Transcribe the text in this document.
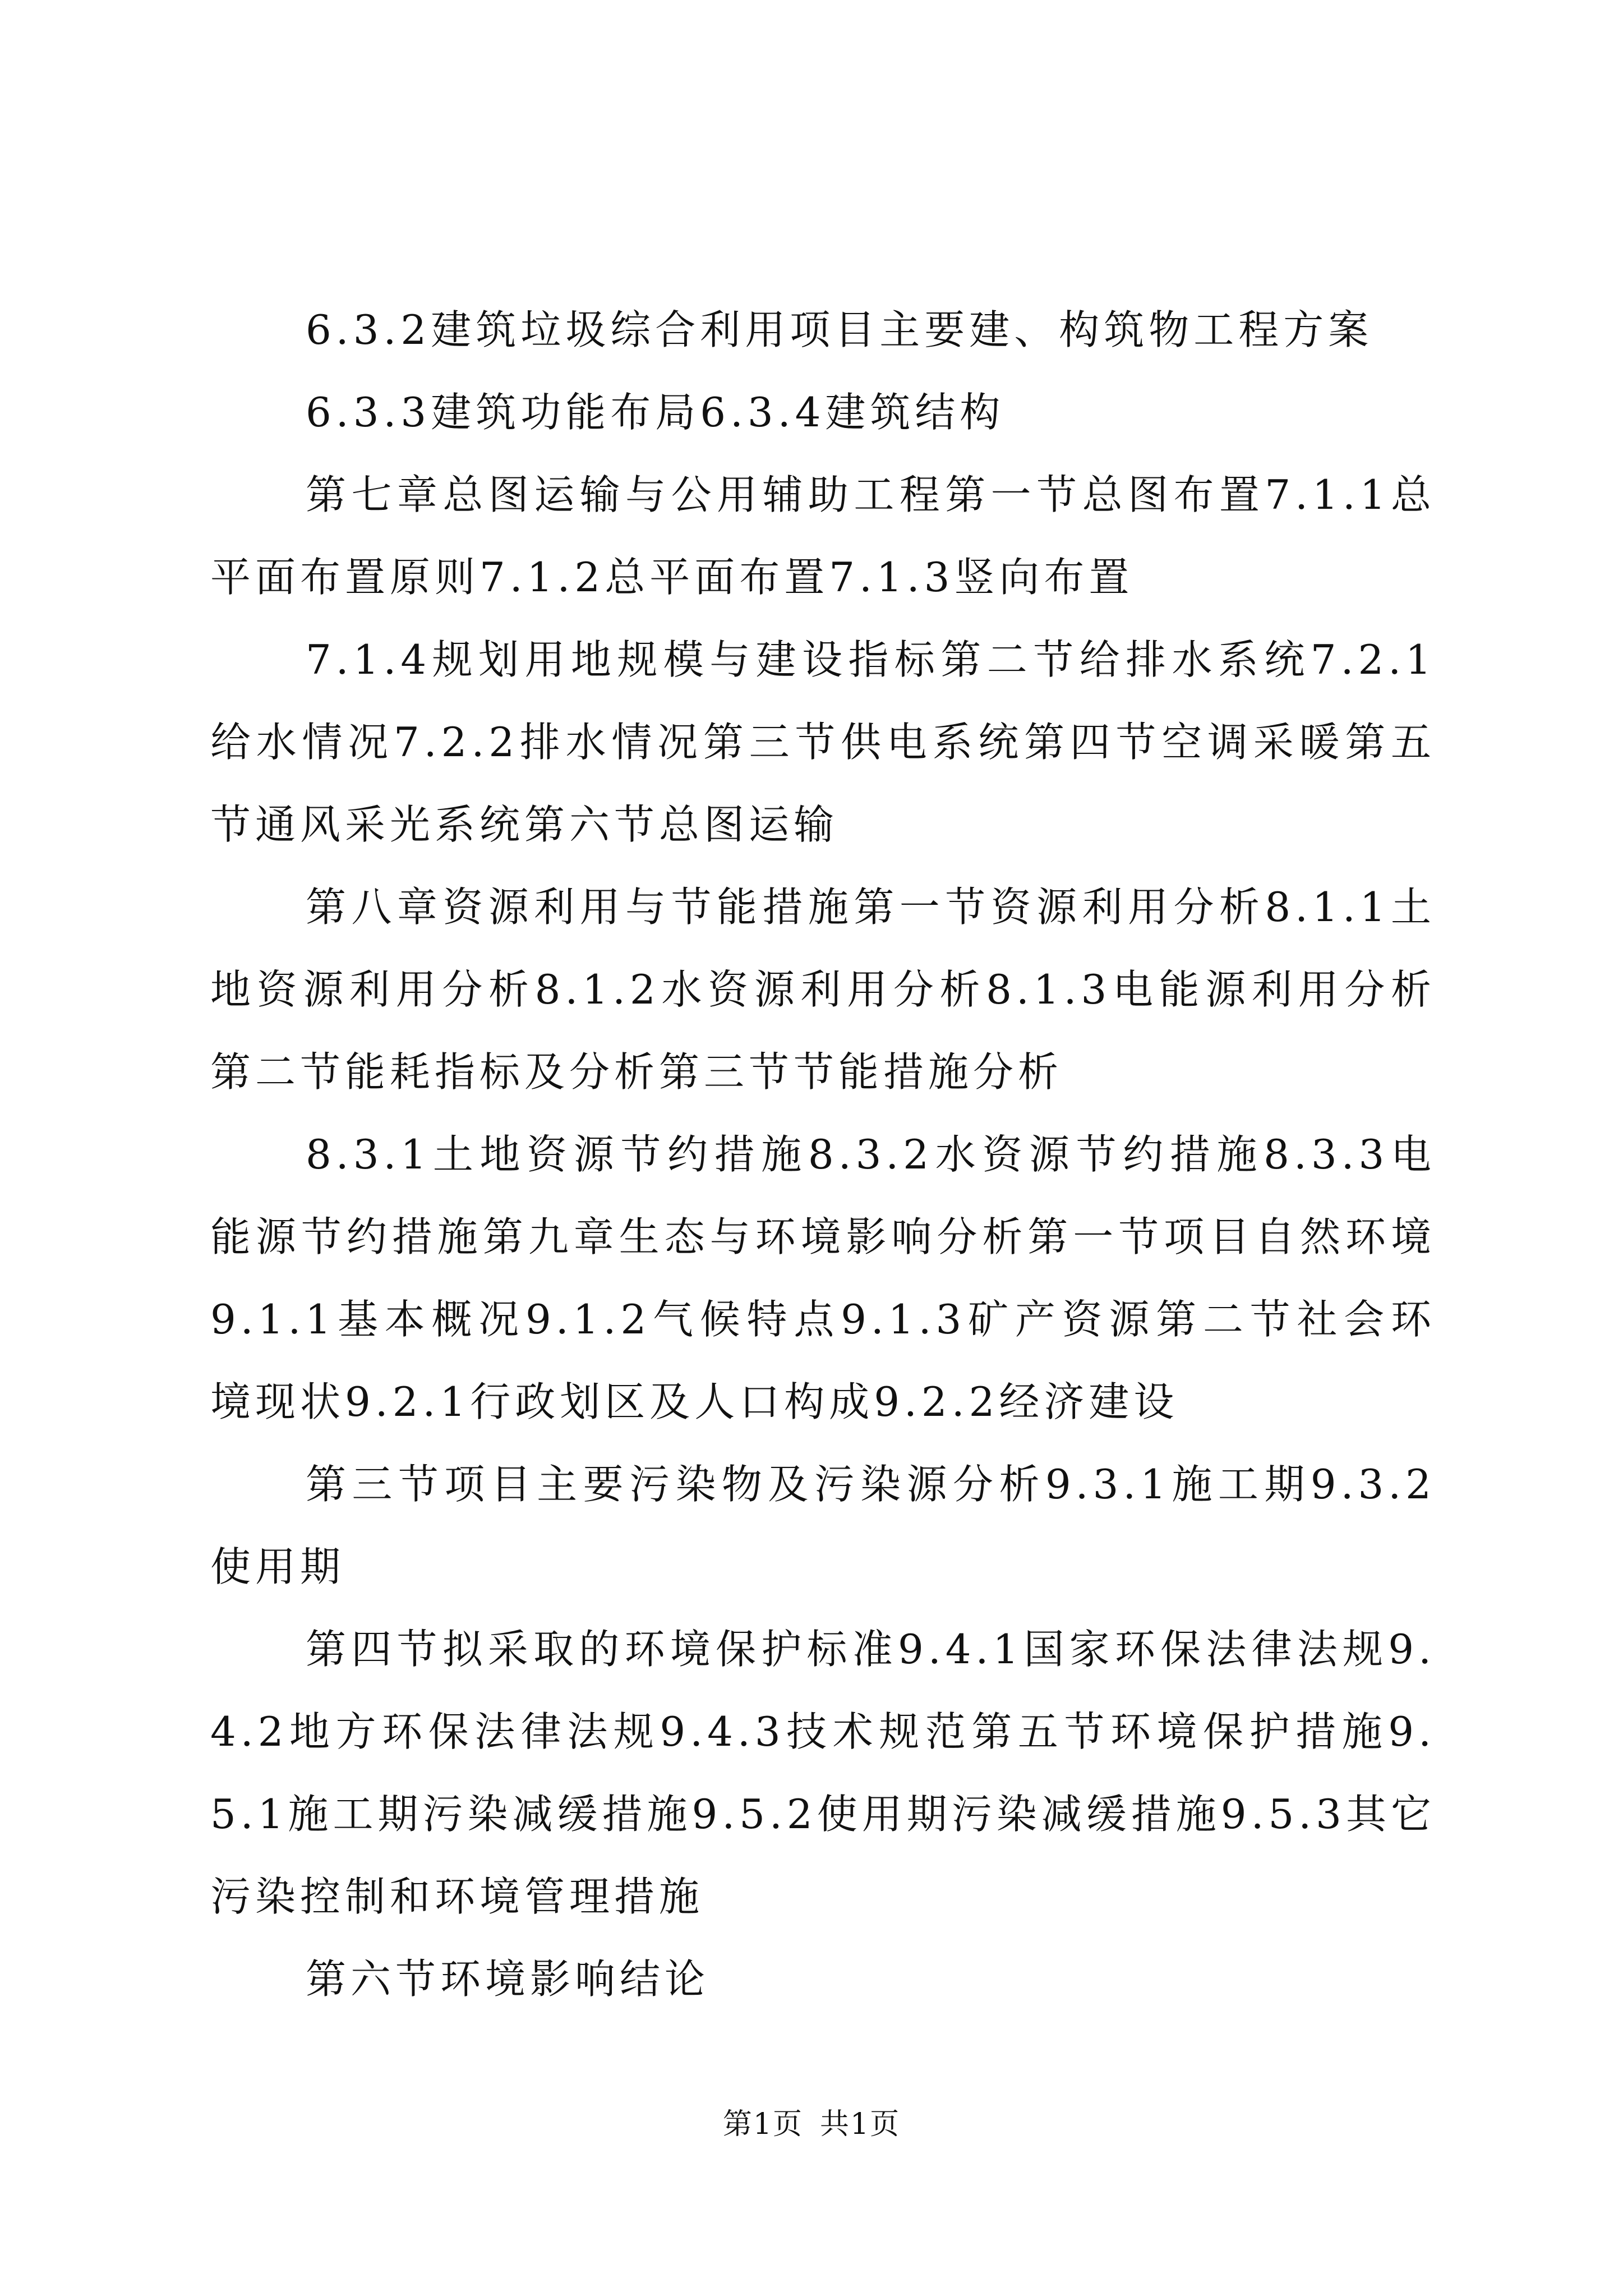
6.3.2建筑垃圾综合利用项目主要建、构筑物工程方案

6.3.3建筑功能布局6.3.4建筑结构

第七章总图运输与公用辅助工程第一节总图布置7.1.1总平面布置原则7.1.2总平面布置7.1.3竖向布置

7.1.4规划用地规模与建设指标第二节给排水系统7.2.1给水情况7.2.2排水情况第三节供电系统第四节空调采暖第五节通风采光系统第六节总图运输

第八章资源利用与节能措施第一节资源利用分析8.1.1土地资源利用分析8.1.2水资源利用分析8.1.3电能源利用分析第二节能耗指标及分析第三节节能措施分析

8.3.1土地资源节约措施8.3.2水资源节约措施8.3.3电能源节约措施第九章生态与环境影响分析第一节项目自然环境9.1.1基本概况9.1.2气候特点9.1.3矿产资源第二节社会环境现状9.2.1行政划区及人口构成9.2.2经济建设

第三节项目主要污染物及污染源分析9.3.1施工期9.3.2使用期

第四节拟采取的环境保护标准9.4.1国家环保法律法规9.4.2地方环保法律法规9.4.3技术规范第五节环境保护措施9.5.1施工期污染减缓措施9.5.2使用期污染减缓措施9.5.3其它污染控制和环境管理措施

第六节环境影响结论

第1页 共1页
